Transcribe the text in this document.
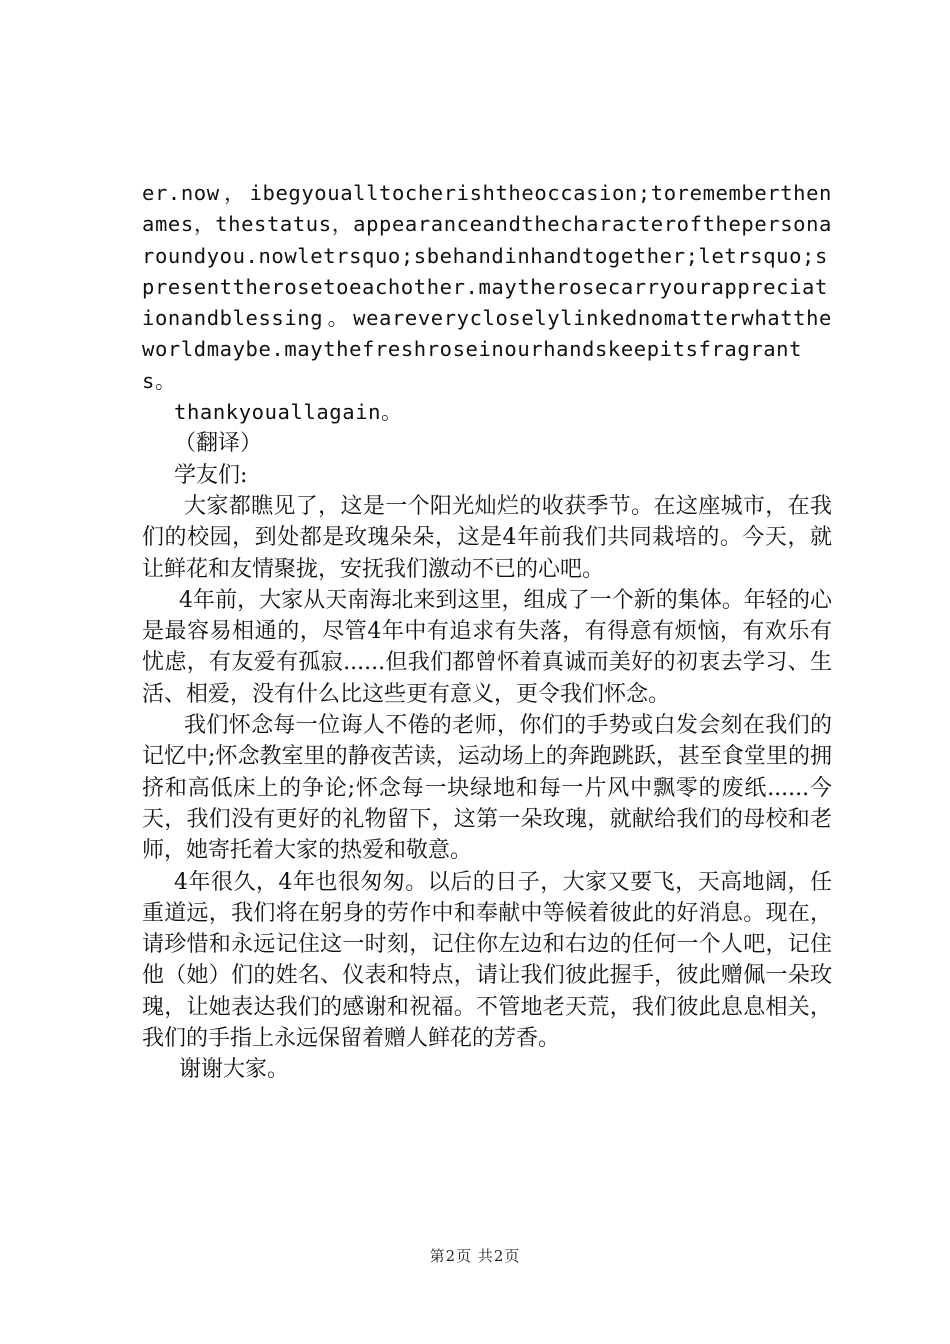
er.now，ibegyoualltocherishtheoccasion;torememberthenames，thestatus，appearanceandthecharacterofthepersonaroundyou.nowletrsquo;sbehandinhandtogether;letrsquo;spresenttherosetoeachother.maytherosecarryourappreciationandblessing。weareverycloselylinkednomatterwhattheworldmaybe.maythefreshroseinourhandskeepitsfragrants。

thankyouallagain。

（翻译）

学友们:

大家都瞧见了，这是一个阳光灿烂的收获季节。在这座城市，在我们的校园，到处都是玫瑰朵朵，这是4年前我们共同栽培的。今天，就让鲜花和友情聚拢，安抚我们激动不已的心吧。

4年前，大家从天南海北来到这里，组成了一个新的集体。年轻的心是最容易相通的，尽管4年中有追求有失落，有得意有烦恼，有欢乐有忧虑，有友爱有孤寂......但我们都曾怀着真诚而美好的初衷去学习、生活、相爱，没有什么比这些更有意义，更令我们怀念。

我们怀念每一位诲人不倦的老师，你们的手势或白发会刻在我们的记忆中;怀念教室里的静夜苦读，运动场上的奔跑跳跃，甚至食堂里的拥挤和高低床上的争论;怀念每一块绿地和每一片风中飘零的废纸......今天，我们没有更好的礼物留下，这第一朵玫瑰，就献给我们的母校和老师，她寄托着大家的热爱和敬意。

4年很久，4年也很匆匆。以后的日子，大家又要飞，天高地阔，任重道远，我们将在躬身的劳作中和奉献中等候着彼此的好消息。现在，请珍惜和永远记住这一时刻，记住你左边和右边的任何一个人吧，记住他（她）们的姓名、仪表和特点，请让我们彼此握手，彼此赠佩一朵玫瑰，让她表达我们的感谢和祝福。不管地老天荒，我们彼此息息相关，我们的手指上永远保留着赠人鲜花的芳香。

谢谢大家。

第2页 共2页
